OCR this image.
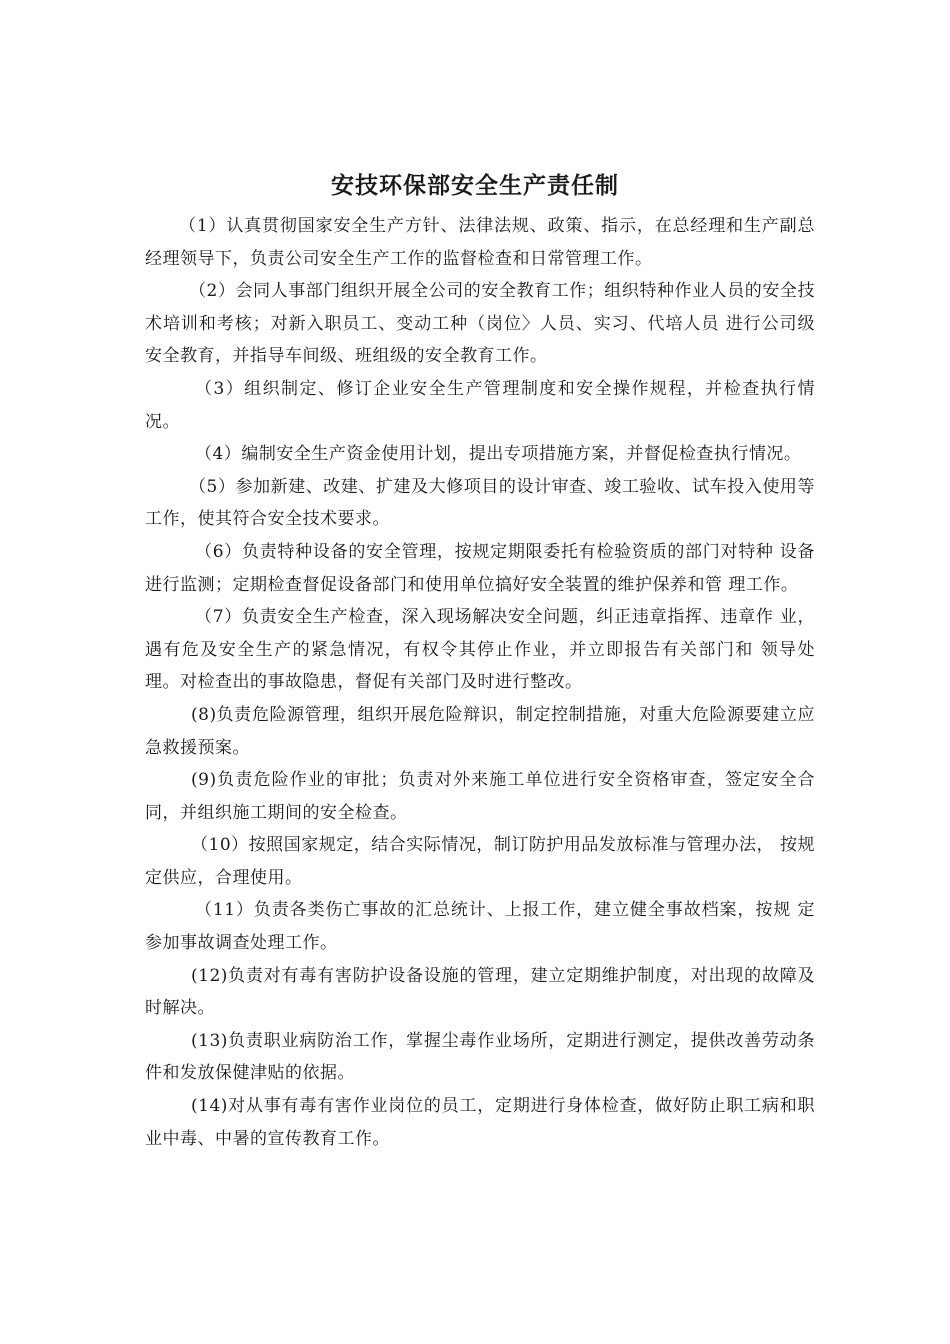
安技环保部安全生产责任制

（1）认真贯彻国家安全生产方针、法律法规、政策、指示，在总经理和生产副总经理领导下，负责公司安全生产工作的监督检查和日常管理工作。

（2）会同人事部门组织开展全公司的安全教育工作；组织特种作业人员的安全技术培训和考核；对新入职员工、变动工种（岗位〉人员、实习、代培人员 进行公司级安全教育，并指导车间级、班组级的安全教育工作。

（3）组织制定、修订企业安全生产管理制度和安全操作规程，并检查执行情况。

（4）编制安全生产资金使用计划，提出专项措施方案，并督促检查执行情况。

（5）参加新建、改建、扩建及大修项目的设计审查、竣工验收、试车投入使用等工作，使其符合安全技术要求。

（6）负责特种设备的安全管理，按规定期限委托有检验资质的部门对特种 设备进行监测；定期检查督促设备部门和使用单位搞好安全装置的维护保养和管 理工作。

（7）负责安全生产检查，深入现场解决安全问题，纠正违章指挥、违章作 业，遇有危及安全生产的紧急情况，有权令其停止作业，并立即报告有关部门和 领导处理。对检查出的事故隐患，督促有关部门及时进行整改。

(8)负责危险源管理，组织开展危险辩识，制定控制措施，对重大危险源要建立应急救援预案。

(9)负责危险作业的审批；负责对外来施工单位进行安全资格审查，签定安全合同，并组织施工期间的安全检查。

（10）按照国家规定，结合实际情况，制订防护用品发放标准与管理办法， 按规定供应，合理使用。

（11）负责各类伤亡事故的汇总统计、上报工作，建立健全事故档案，按规 定参加事故调查处理工作。

(12)负责对有毒有害防护设备设施的管理，建立定期维护制度，对出现的故障及时解决。

(13)负责职业病防治工作，掌握尘毒作业场所，定期进行测定，提供改善劳动条件和发放保健津贴的依据。

(14)对从事有毒有害作业岗位的员工，定期进行身体检查，做好防止职工病和职业中毒、中暑的宣传教育工作。
